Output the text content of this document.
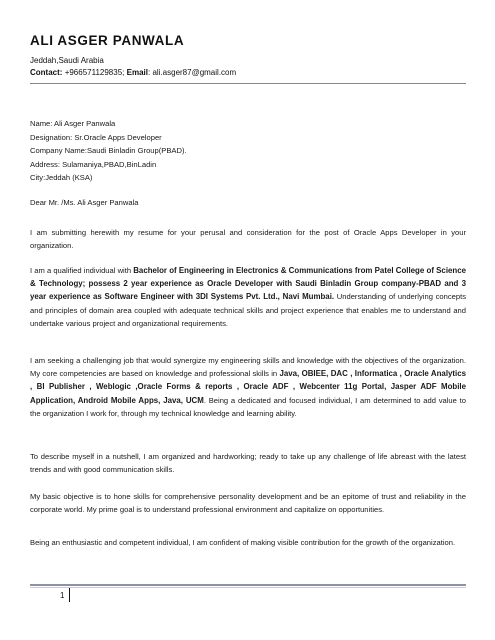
ALI ASGER PANWALA
Jeddah,Saudi Arabia
Contact: +966571129835; Email: ali.asger87@gmail.com
Name: Ali Asger Panwala
Designation: Sr.Oracle Apps Developer
Company Name:Saudi Binladin Group(PBAD).
Address: Sulamaniya,PBAD,BinLadin
City:Jeddah (KSA)
Dear Mr. /Ms. Ali Asger Panwala

I am submitting herewith my resume for your perusal and consideration for the post of Oracle Apps Developer in your organization.

I am a qualified individual with Bachelor of Engineering in Electronics & Communications from Patel College of Science & Technology; possess 2 year experience as Oracle Developer with Saudi Binladin Group company-PBAD and 3 year experience as Software Engineer with 3DI Systems Pvt. Ltd., Navi Mumbai. Understanding of underlying concepts and principles of domain area coupled with adequate technical skills and project experience that enables me to understand and undertake various project and organizational requirements.

I am seeking a challenging job that would synergize my engineering skills and knowledge with the objectives of the organization. My core competencies are based on knowledge and professional skills in Java, OBIEE, DAC , Informatica , Oracle Analytics , BI Publisher , Weblogic ,Oracle Forms & reports , Oracle ADF , Webcenter 11g Portal, Jasper ADF Mobile Application, Android Mobile Apps, Java, UCM. Being a dedicated and focused individual, I am determined to add value to the organization I work for, through my technical knowledge and learning ability.

To describe myself in a nutshell, I am organized and hardworking; ready to take up any challenge of life abreast with the latest trends and with good communication skills.

My basic objective is to hone skills for comprehensive personality development and be an epitome of trust and reliability in the corporate world. My prime goal is to understand professional environment and capitalize on opportunities.

Being an enthusiastic and competent individual, I am confident of making visible contribution for the growth of the organization.

1
